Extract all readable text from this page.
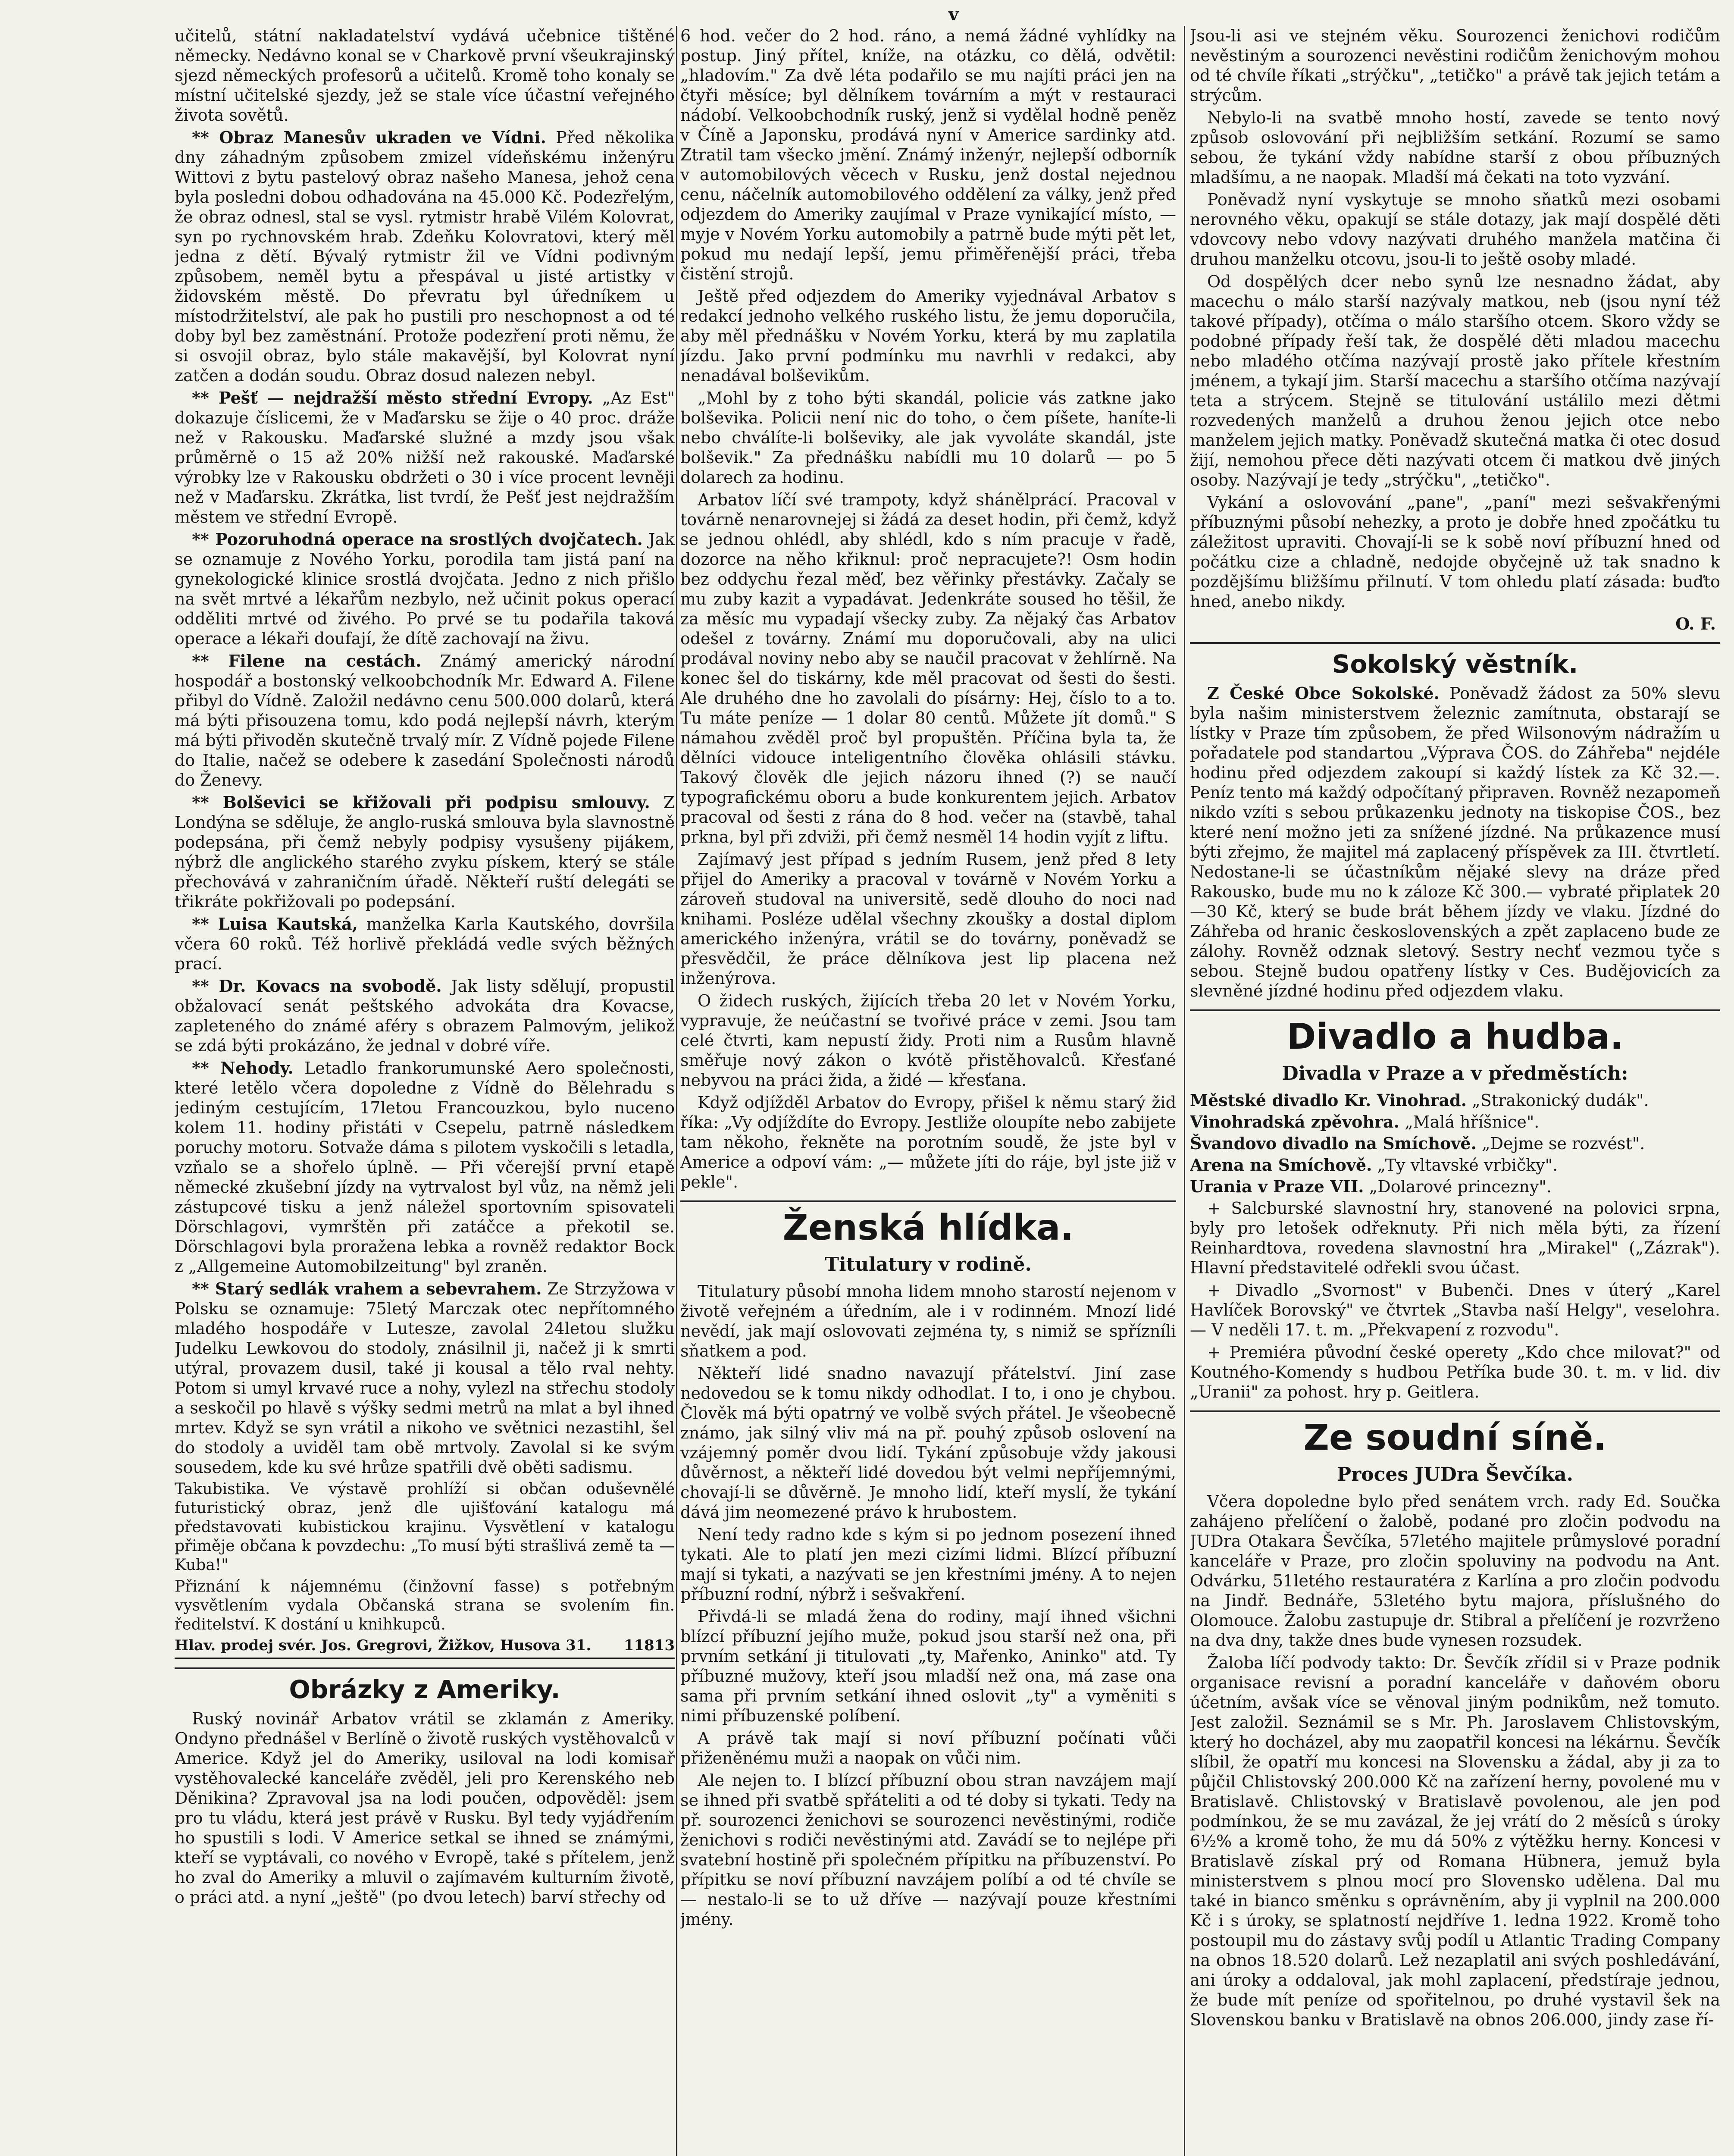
v

učitelů, státní nakladatelství vydává učebnice tištěné německy. Nedávno konal se v Charkově první všeukrajinský sjezd německých profesorů a učitelů. Kromě toho konaly se místní učitelské sjezdy, jež se stale více účastní veřejného života sovětů.

** Obraz Manesův ukraden ve Vídni. Před několika dny záhadným způsobem zmizel vídeňskému inženýru Wittovi z bytu pastelový obraz našeho Manesa, jehož cena byla posledni dobou odhadována na 45.000 Kč. Podezřelým, že obraz odnesl, stal se vysl. rytmistr hrabě Vilém Kolovrat, syn po rychnovském hrab. Zdeňku Kolovratovi, který měl jedna z dětí. Bývalý rytmistr žil ve Vídni podivným způsobem, neměl bytu a přespával u jisté artistky v židovském městě. Do převratu byl úředníkem u místodržitelství, ale pak ho pustili pro neschopnost a od té doby byl bez zaměstnání. Protože podezření proti němu, že si osvojil obraz, bylo stále makavější, byl Kolovrat nyní zatčen a dodán soudu. Obraz dosud nalezen nebyl.

** Pešť — nejdražší město střední Evropy. „Az Est" dokazuje číslicemi, že v Maďarsku se žije o 40 proc. dráže než v Rakousku. Maďarské služné a mzdy jsou však průměrně o 15 až 20% nižší než rakouské. Maďarské výrobky lze v Rakousku obdržeti o 30 i více procent levněji než v Maďarsku. Zkrátka, list tvrdí, že Pešť jest nejdražším městem ve střední Evropě.

** Pozoruhodná operace na srostlých dvojčatech. Jak se oznamuje z Nového Yorku, porodila tam jistá paní na gynekologické klinice srostlá dvojčata. Jedno z nich přišlo na svět mrtvé a lékařům nezbylo, než učinit pokus operací odděliti mrtvé od živého. Po prvé se tu podařila taková operace a lékaři doufají, že dítě zachovají na živu.

** Filene na cestách. Známý americký národní hospodář a bostonský velkoobchodník Mr. Edward A. Filene přibyl do Vídně. Založil nedávno cenu 500.000 dolarů, která má býti přisouzena tomu, kdo podá nejlepší návrh, kterým má býti přivoděn skutečně trvalý mír. Z Vídně pojede Filene do Italie, načež se odebere k zasedání Společnosti národů do Ženevy.

** Bolševici se křižovali při podpisu smlouvy. Z Londýna se sděluje, že anglo-ruská smlouva byla slavnostně podepsána, při čemž nebyly podpisy vysušeny pijákem, nýbrž dle anglického starého zvyku pískem, který se stále přechovává v zahraničním úřadě. Někteří ruští delegáti se třikráte pokřižovali po podepsání.

** Luisa Kautská, manželka Karla Kautského, dovršila včera 60 roků. Též horlivě překládá vedle svých běžných prací.

** Dr. Kovacs na svobodě. Jak listy sdělují, propustil obžalovací senát peštského advokáta dra Kovacse, zapleteného do známé aféry s obrazem Palmovým, jelikož se zdá býti prokázáno, že jednal v dobré víře.

** Nehody. Letadlo frankorumunské Aero společnosti, které letělo včera dopoledne z Vídně do Bělehradu s jediným cestujícím, 17letou Francouzkou, bylo nuceno kolem 11. hodiny přistáti v Csepelu, patrně následkem poruchy motoru. Sotvaže dáma s pilotem vyskočili s letadla, vzňalo se a shořelo úplně. — Při včerejší první etapě německé zkušební jízdy na vytrvalost byl vůz, na němž jeli zástupcové tisku a jenž náležel sportovním spisovateli Dörschlagovi, vymrštěn při zatáčce a překotil se. Dörschlagovi byla proražena lebka a rovněž redaktor Bock z „Allgemeine Automobilzeitung" byl zraněn.

** Starý sedlák vrahem a sebevrahem. Ze Strzyžowa v Polsku se oznamuje: 75letý Marczak otec nepřítomného mladého hospodáře v Lutesze, zavolal 24letou služku Judelku Lewkovou do stodoly, znásilnil ji, načež ji k smrti utýral, provazem dusil, také ji kousal a tělo rval nehty. Potom si umyl krvavé ruce a nohy, vylezl na střechu stodoly a seskočil po hlavě s výšky sedmi metrů na mlat a byl ihned mrtev. Když se syn vrátil a nikoho ve světnici nezastihl, šel do stodoly a uviděl tam obě mrtvoly. Zavolal si ke svým sousedem, kde ku své hrůze spatřili dvě oběti sadismu.

Takubistika. Ve výstavě prohlíží si občan oduševnělé futuristický obraz, jenž dle ujišťování katalogu má představovati kubistickou krajinu. Vysvětlení v katalogu přiměje občana k povzdechu: „To musí býti strašlivá země ta — Kuba!"
Přiznání k nájemnému (činžovní fasse) s potřebným vysvětlením vydala Občanská strana se svolením fin. ředitelství. K dostání u knihkupců.
Hlav. prodej svér. Jos. Gregrovi, Žižkov, Husova 31. 11813
Obrázky z Ameriky.

Ruský novinář Arbatov vrátil se zklamán z Ameriky. Ondyno přednášel v Berlíně o životě ruských vystěhovalců v Americe. Když jel do Ameriky, usiloval na lodi komisař vystěhovalecké kanceláře zvěděl, jeli pro Kerenského neb Děnikina? Zpravoval jsa na lodi poučen, odpověděl: jsem pro tu vládu, která jest právě v Rusku. Byl tedy vyjádřením ho spustili s lodi. V Americe setkal se ihned se známými, kteří se vyptávali, co nového v Evropě, také s přítelem, jenž ho zval do Ameriky a mluvil o zajímavém kulturním životě, o práci atd. a nyní „ještě" (po dvou letech) barví střechy od

6 hod. večer do 2 hod. ráno, a nemá žádné vyhlídky na postup. Jiný přítel, kníže, na otázku, co dělá, odvětil: „hladovím." Za dvě léta podařilo se mu najíti práci jen na čtyři měsíce; byl dělníkem továrním a mýt v restauraci nádobí. Velkoobchodník ruský, jenž si vydělal hodně peněz v Číně a Japonsku, prodává nyní v Americe sardinky atd. Ztratil tam všecko jmění. Známý inženýr, nejlepší odborník v automobilových věcech v Rusku, jenž dostal nejednou cenu, náčelník automobilového oddělení za války, jenž před odjezdem do Ameriky zaujímal v Praze vynikající místo, — myje v Novém Yorku automobily a patrně bude mýti pět let, pokud mu nedají lepší, jemu přiměřenější práci, třeba čistění strojů.

Ještě před odjezdem do Ameriky vyjednával Arbatov s redakcí jednoho velkého ruského listu, že jemu doporučila, aby měl přednášku v Novém Yorku, která by mu zaplatila jízdu. Jako první podmínku mu navrhli v redakci, aby nenadával bolševikům.

„Mohl by z toho býti skandál, policie vás zatkne jako bolševika. Policii není nic do toho, o čem píšete, haníte-li nebo chválíte-li bolševiky, ale jak vyvoláte skandál, jste bolševik." Za přednášku nabídli mu 10 dolarů — po 5 dolarech za hodinu.

Arbatov líčí své trampoty, když shánělprácí. Pracoval v továrně nenarovnejej si žádá za deset hodin, při čemž, když se jednou ohlédl, aby shlédl, kdo s ním pracuje v řadě, dozorce na něho křiknul: proč nepracujete?! Osm hodin bez oddychu řezal měď, bez věřinky přestávky. Začaly se mu zuby kazit a vypadávat. Jedenkráte soused ho těšil, že za měsíc mu vypadají všecky zuby. Za nějaký čas Arbatov odešel z továrny. Známí mu doporučovali, aby na ulici prodával noviny nebo aby se naučil pracovat v žehlírně. Na konec šel do tiskárny, kde měl pracovat od šesti do šesti. Ale druhého dne ho zavolali do písárny: Hej, číslo to a to. Tu máte peníze — 1 dolar 80 centů. Můžete jít domů." S námahou zvěděl proč byl propuštěn. Příčina byla ta, že dělníci vidouce inteligentního člověka ohlásili stávku. Takový člověk dle jejich názoru ihned (?) se naučí typografickému oboru a bude konkurentem jejich. Arbatov pracoval od šesti z rána do 8 hod. večer na (stavbě, tahal prkna, byl při zdviži, při čemž nesměl 14 hodin vyjít z liftu.

Zajímavý jest případ s jedním Rusem, jenž před 8 lety přijel do Ameriky a pracoval v továrně v Novém Yorku a zároveň studoval na universitě, sedě dlouho do noci nad knihami. Posléze udělal všechny zkoušky a dostal diplom amerického inženýra, vrátil se do továrny, poněvadž se přesvědčil, že práce dělníkova jest lip placena než inženýrova.

O židech ruských, žijících třeba 20 let v Novém Yorku, vypravuje, že neúčastní se tvořivé práce v zemi. Jsou tam celé čtvrti, kam nepustí židy. Proti nim a Rusům hlavně směřuje nový zákon o kvótě přistěhovalců. Křesťané nebyvou na práci žida, a židé — křesťana.

Když odjížděl Arbatov do Evropy, přišel k němu starý žid říka: „Vy odjíždíte do Evropy. Jestliže oloupíte nebo zabijete tam někoho, řekněte na porotním soudě, že jste byl v Americe a odpoví vám: „— můžete jíti do ráje, byl jste již v pekle".

Ženská hlídka.
Titulatury v rodině.

Titulatury působí mnoha lidem mnoho starostí nejenom v životě veřejném a úředním, ale i v rodinném. Mnozí lidé nevědí, jak mají oslovovati zejména ty, s nimiž se spřízníli sňatkem a pod.

Někteří lidé snadno navazují přátelství. Jiní zase nedovedou se k tomu nikdy odhodlat. I to, i ono je chybou. Člověk má býti opatrný ve volbě svých přátel. Je všeobecně známo, jak silný vliv má na př. pouhý způsob oslovení na vzájemný poměr dvou lidí. Tykání způsobuje vždy jakousi důvěrnost, a někteří lidé dovedou být velmi nepříjemnými, chovají-li se důvěrně. Je mnoho lidí, kteří myslí, že tykání dává jim neomezené právo k hrubostem.

Není tedy radno kde s kým si po jednom posezení ihned tykati. Ale to platí jen mezi cizími lidmi. Blízcí příbuzní mají si tykati, a nazývati se jen křestními jmény. A to nejen příbuzní rodní, nýbrž i sešvakření.

Přivdá-li se mladá žena do rodiny, mají ihned všichni blízcí příbuzní jejího muže, pokud jsou starší než ona, při prvním setkání ji titulovati „ty, Mařenko, Aninko" atd. Ty příbuzné mužovy, kteří jsou mladší než ona, má zase ona sama při prvním setkání ihned oslovit „ty" a vyměniti s nimi příbuzenské políbení.

A právě tak mají si noví příbuzní počínati vůči přiženěnému muži a naopak on vůči nim.

Ale nejen to. I blízcí příbuzní obou stran navzájem mají se ihned při svatbě spřáteliti a od té doby si tykati. Tedy na př. sourozenci ženichovi se sourozenci nevěstinými, rodiče ženichovi s rodiči nevěstinými atd. Zavádí se to nejlépe při svatební hostině při společném přípitku na příbuzenství. Po přípitku se noví příbuzní navzájem políbí a od té chvíle se — nestalo-li se to už dříve — nazývají pouze křestními jmény.

Jsou-li asi ve stejném věku. Sourozenci ženichovi rodičům nevěstiným a sourozenci nevěstini rodičům ženichovým mohou od té chvíle říkati „strýčku", „tetičko" a právě tak jejich tetám a strýcům.

Nebylo-li na svatbě mnoho hostí, zavede se tento nový způsob oslovování při nejbližším setkání. Rozumí se samo sebou, že tykání vždy nabídne starší z obou příbuzných mladšímu, a ne naopak. Mladší má čekati na toto vyzvání.

Poněvadž nyní vyskytuje se mnoho sňatků mezi osobami nerovného věku, opakují se stále dotazy, jak mají dospělé děti vdovcovy nebo vdovy nazývati druhého manžela matčina či druhou manželku otcovu, jsou-li to ještě osoby mladé.

Od dospělých dcer nebo synů lze nesnadno žádat, aby macechu o málo starší nazývaly matkou, neb (jsou nyní též takové případy), otčíma o málo staršího otcem. Skoro vždy se podobné případy řeší tak, že dospělé děti mladou macechu nebo mladého otčíma nazývají prostě jako přítele křestním jménem, a tykají jim. Starší macechu a staršího otčíma nazývají teta a strýcem. Stejně se titulování ustálilo mezi dětmi rozvedených manželů a druhou ženou jejich otce nebo manželem jejich matky. Poněvadž skutečná matka či otec dosud žijí, nemohou přece děti nazývati otcem či matkou dvě jiných osoby. Nazývají je tedy „strýčku", „tetičko".

Vykání a oslovování „pane", „paní" mezi sešvakřenými příbuznými působí nehezky, a proto je dobře hned zpočátku tu záležitost upraviti. Chovají-li se k sobě noví příbuzní hned od počátku cize a chladně, nedojde obyčejně už tak snadno k pozdějšímu bližšímu přilnutí. V tom ohledu platí zásada: buďto hned, anebo nikdy.

O. F.
Sokolský věstník.

Z České Obce Sokolské. Poněvadž žádost za 50% slevu byla našim ministerstvem železnic zamítnuta, obstarají se lístky v Praze tím způsobem, že před Wilsonovým nádražím u pořadatele pod standartou „Výprava ČOS. do Záhřeba" nejdéle hodinu před odjezdem zakoupí si každý lístek za Kč 32.—. Peníz tento má každý odpočítaný připraven. Rovněž nezapomeň nikdo vzíti s sebou průkazenku jednoty na tiskopise ČOS., bez které není možno jeti za snížené jízdné. Na průkazence musí býti zřejmo, že majitel má zaplacený příspěvek za III. čtvrtletí. Nedostane-li se účastníkům nějaké slevy na dráze před Rakousko, bude mu no k záloze Kč 300.— vybraté připlatek 20—30 Kč, který se bude brát během jízdy ve vlaku. Jízdné do Záhřeba od hranic československých a zpět zaplaceno bude ze zálohy. Rovněž odznak sletový. Sestry nechť vezmou tyče s sebou. Stejně budou opatřeny lístky v Ces. Budějovicích za slevněné jízdné hodinu před odjezdem vlaku.

Divadlo a hudba.
Divadla v Praze a v předměstích:
Městské divadlo Kr. Vinohrad. „Strakonický dudák".
Vinohradská zpěvohra. „Malá hříšnice".
Švandovo divadlo na Smíchově. „Dejme se rozvést".
Arena na Smíchově. „Ty vltavské vrbičky".
Urania v Praze VII. „Dolarové princezny".

+ Salcburské slavnostní hry, stanovené na polovici srpna, byly pro letošek odřeknuty. Při nich měla býti, za řízení Reinhardtova, rovedena slavnostní hra „Mirakel" („Zázrak"). Hlavní představitelé odřekli svou účast.

+ Divadlo „Svornost" v Bubenči. Dnes v úterý „Karel Havlíček Borovský" ve čtvrtek „Stavba naší Helgy", veselohra. — V neděli 17. t. m. „Překvapení z rozvodu".

+ Premiéra původní české operety „Kdo chce milovat?" od Koutného-Komendy s hudbou Petříka bude 30. t. m. v lid. div „Uranii" za pohost. hry p. Geitlera.

Ze soudní síně.
Proces JUDra Ševčíka.

Včera dopoledne bylo před senátem vrch. rady Ed. Součka zahájeno přelíčení o žalobě, podané pro zločin podvodu na JUDra Otakara Ševčíka, 57letého majitele průmyslové poradní kanceláře v Praze, pro zločin spoluviny na podvodu na Ant. Odvárku, 51letého restauratéra z Karlína a pro zločin podvodu na Jindř. Bednáře, 53letého bytu majora, příslušného do Olomouce. Žalobu zastupuje dr. Stibral a přelíčení je rozvrženo na dva dny, takže dnes bude vynesen rozsudek.

Žaloba líčí podvody takto: Dr. Ševčík zřídil si v Praze podnik organisace revisní a poradní kanceláře v daňovém oboru účetním, avšak více se věnoval jiným podnikům, než tomuto. Jest založil. Seznámil se s Mr. Ph. Jaroslavem Chlistovským, který ho docházel, aby mu zaopatřil koncesi na lékárnu. Ševčík slíbil, že opatří mu koncesi na Slovensku a žádal, aby ji za to půjčil Chlistovský 200.000 Kč na zařízení herny, povolené mu v Bratislavě. Chlistovský v Bratislavě povolenou, ale jen pod podmínkou, že se mu zavázal, že jej vrátí do 2 měsíců s úroky 6½% a kromě toho, že mu dá 50% z výtěžku herny. Koncesi v Bratislavě získal prý od Romana Hübnera, jemuž byla ministerstvem s plnou mocí pro Slovensko udělena. Dal mu také in bianco směnku s oprávněním, aby ji vyplnil na 200.000 Kč i s úroky, se splatností nejdříve 1. ledna 1922. Kromě toho postoupil mu do zástavy svůj podíl u Atlantic Trading Company na obnos 18.520 dolarů. Lež nezaplatil ani svých poshledávání, ani úroky a oddaloval, jak mohl zaplacení, předstíraje jednou, že bude mít peníze od spořitelnou, po druhé vystavil šek na Slovenskou banku v Bratislavě na obnos 206.000, jindy zase ří-
